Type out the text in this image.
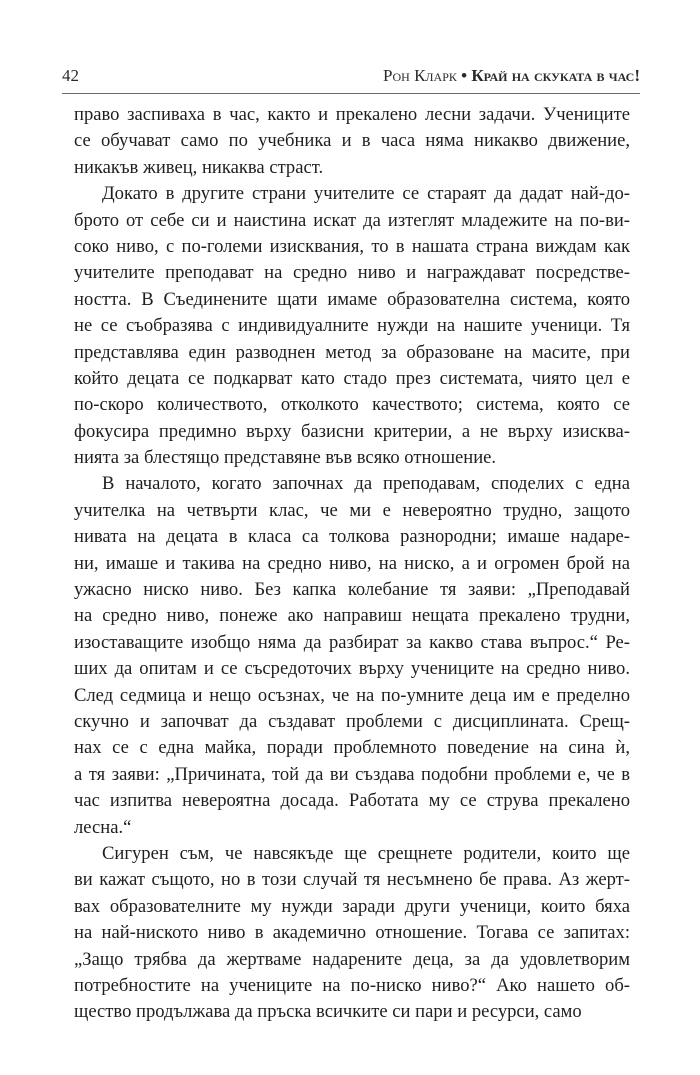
42	Рон Кларк • Край на скуката в час!
право заспиваха в час, както и прекалено лесни задачи. Учениците
се обучават само по учебника и в часа няма никакво движение,
никакъв живец, никаква страст.
Докато в другите страни учителите се стараят да дадат най-до-
брото от себе си и наистина искат да изтеглят младежите на по-ви-
соко ниво, с по-големи изисквания, то в нашата страна виждам как
учителите преподават на средно ниво и награждават посредстве-
ността. В Съединените щати имаме образователна система, която
не се съобразява с индивидуалните нужди на нашите ученици. Тя
представлява един разводнен метод за образоване на масите, при
който децата се подкарват като стадо през системата, чиято цел е
по-скоро количеството, отколкото качеството; система, която се
фокусира предимно върху базисни критерии, а не върху изисква-
нията за блестящо представяне във всяко отношение.
В началото, когато започнах да преподавам, споделих с една
учителка на четвърти клас, че ми е невероятно трудно, защото
нивата на децата в класа са толкова разнородни; имаше надаре-
ни, имаше и такива на средно ниво, на ниско, а и огромен брой на
ужасно ниско ниво. Без капка колебание тя заяви: „Преподавай
на средно ниво, понеже ако направиш нещата прекалено трудни,
изоставащите изобщо няма да разбират за какво става въпрос.“ Ре-
ших да опитам и се съсредоточих върху учениците на средно ниво.
След седмица и нещо осъзнах, че на по-умните деца им е пределно
скучно и започват да създават проблеми с дисциплината. Срещ-
нах се с една майка, поради проблемното поведение на сина ѝ,
а тя заяви: „Причината, той да ви създава подобни проблеми е, че в
час изпитва невероятна досада. Работата му се струва прекалено
лесна.“
Сигурен съм, че навсякъде ще срещнете родители, които ще
ви кажат същото, но в този случай тя несъмнено бе права. Аз жерт-
вах образователните му нужди заради други ученици, които бяха
на най-ниското ниво в академично отношение. Тогава се запитах:
„Защо трябва да жертваме надарените деца, за да удовлетворим
потребностите на учениците на по-ниско ниво?“ Ако нашето об-
щество продължава да пръска всичките си пари и ресурси, само
